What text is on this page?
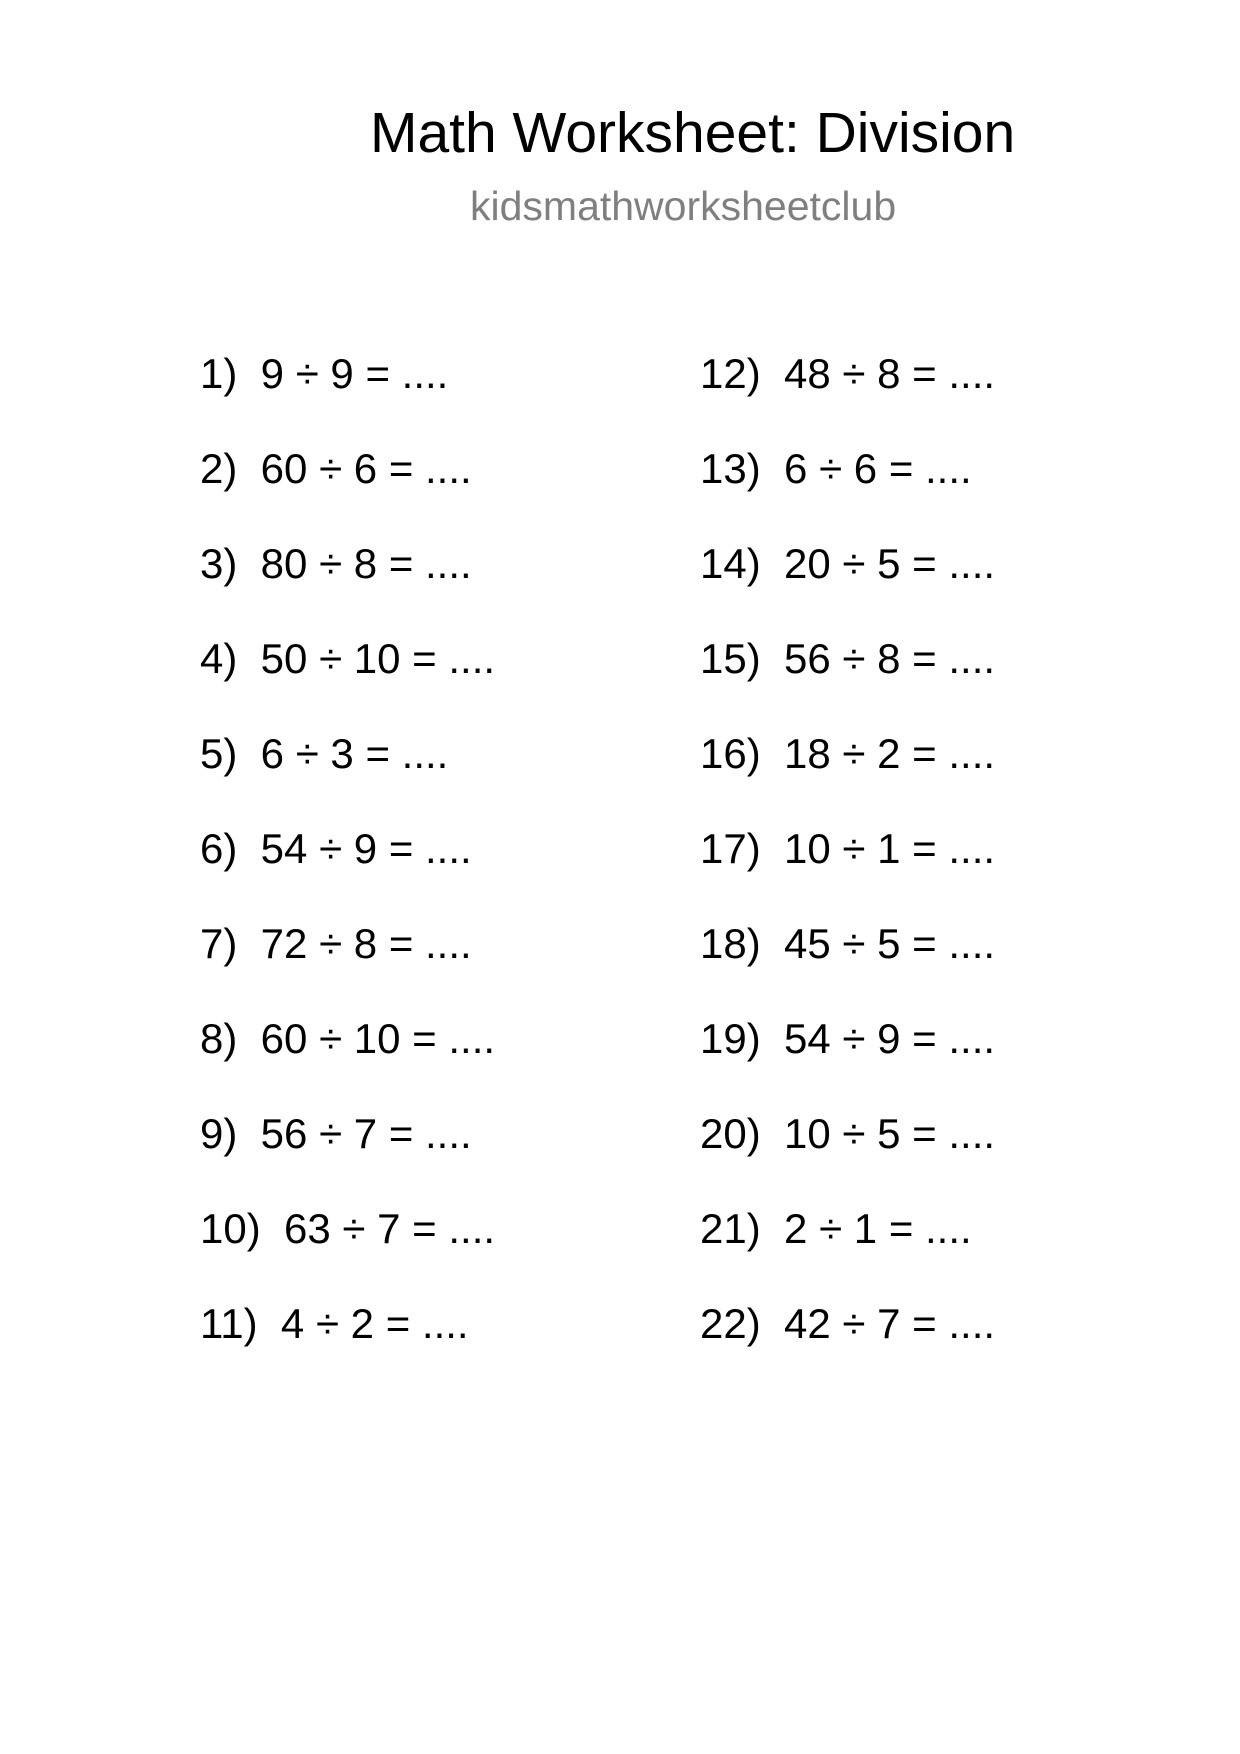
Math Worksheet: Division
kidsmathworksheetclub
1)  9 ÷ 9 = ....
2)  60 ÷ 6 = ....
3)  80 ÷ 8 = ....
4)  50 ÷ 10 = ....
5)  6 ÷ 3 = ....
6)  54 ÷ 9 = ....
7)  72 ÷ 8 = ....
8)  60 ÷ 10 = ....
9)  56 ÷ 7 = ....
10)  63 ÷ 7 = ....
11)  4 ÷ 2 = ....
12)  48 ÷ 8 = ....
13)  6 ÷ 6 = ....
14)  20 ÷ 5 = ....
15)  56 ÷ 8 = ....
16)  18 ÷ 2 = ....
17)  10 ÷ 1 = ....
18)  45 ÷ 5 = ....
19)  54 ÷ 9 = ....
20)  10 ÷ 5 = ....
21)  2 ÷ 1 = ....
22)  42 ÷ 7 = ....
